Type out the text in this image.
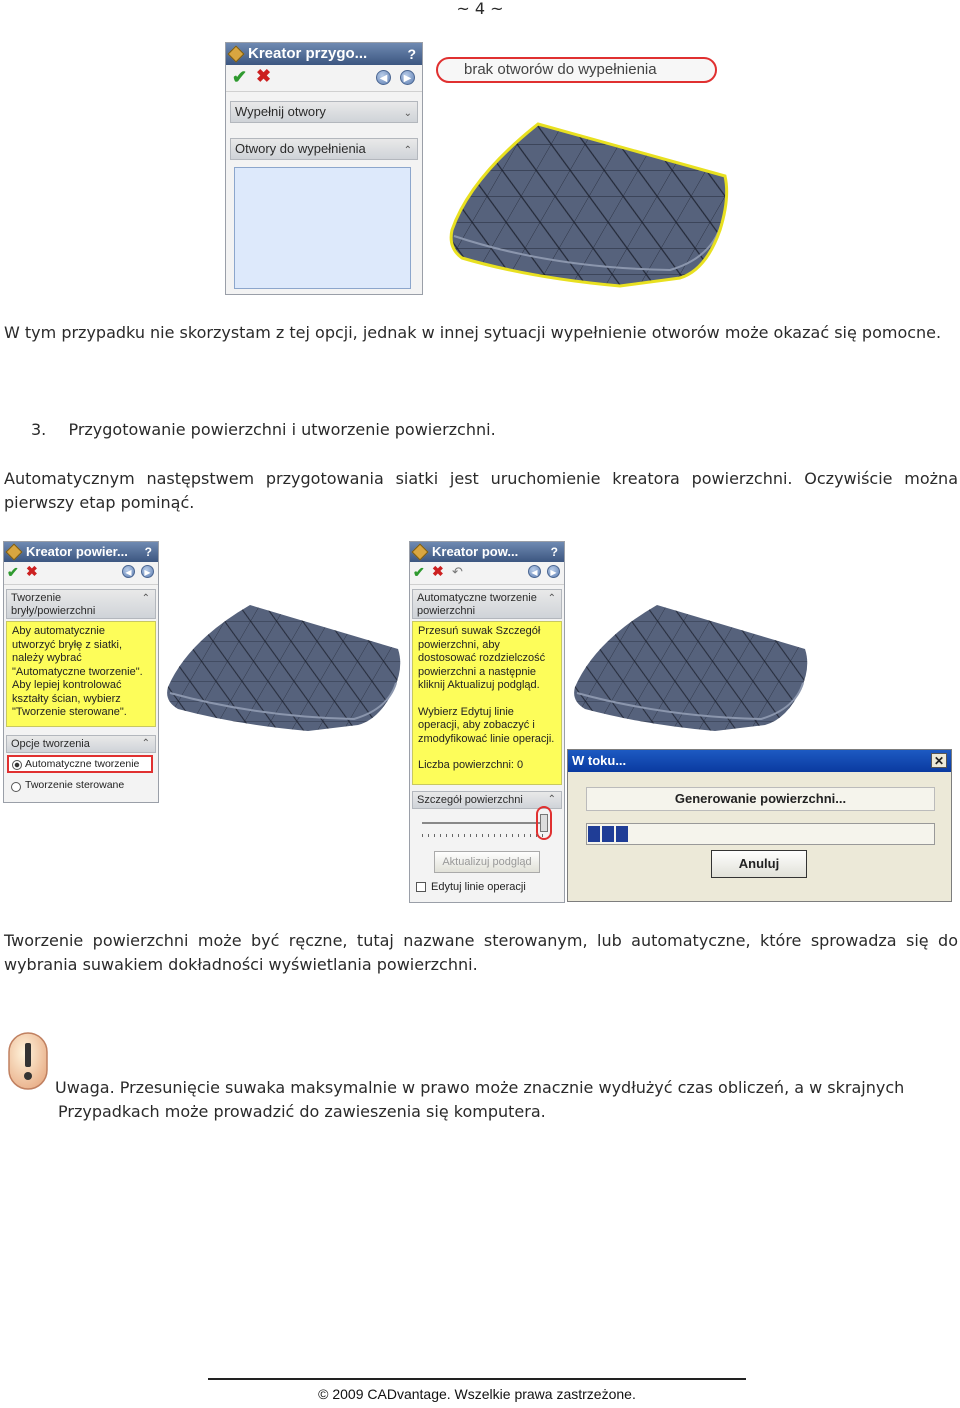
~ 4 ~
Kreator przygo...	?
✔ ✖	◀	▶
Wypełnij otwory	⌄
Otwory do wypełnienia	⌃
brak otworów do wypełnienia
W tym przypadku nie skorzystam z tej opcji, jednak w innej sytuacji wypełnienie otworów może okazać się pomocne.
3. Przygotowanie powierzchni i utworzenie powierzchni.
Automatycznym następstwem przygotowania siatki jest uruchomienie kreatora powierzchni. Oczywiście można pierwszy etap pominąć.
Kreator powier... ?
✔ ✖	◀	▶
Tworzenie bryły/powierzchni
⌃
Aby automatycznie
utworzyć bryłę z siatki,
należy wybrać
"Automatyczne tworzenie".
Aby lepiej kontrolować
kształty ścian, wybierz
"Tworzenie sterowane".
Opcje tworzenia	⌃
Automatyczne tworzenie
Tworzenie sterowane
Kreator pow...	?
✔ ✖ ↶	◀	▶
Automatyczne tworzenie powierzchni
⌃
Przesuń suwak Szczegół
powierzchni, aby
dostosować rozdzielczość
powierzchni a następnie
kliknij Aktualizuj podgląd.
Wybierz Edytuj linie
operacji, aby zobaczyć i
zmodyfikować linie operacji.
Liczba powierzchni: 0
Szczegół powierzchni ⌃
Aktualizuj podgląd
Edytuj linie operacji
W toku...	✕
Generowanie powierzchni...
Anuluj
Tworzenie powierzchni może być ręczne, tutaj nazwane sterowanym, lub automatyczne, które sprowadza się do wybrania suwakiem dokładności wyświetlania powierzchni.
Uwaga. Przesunięcie suwaka maksymalnie w prawo może znacznie wydłużyć czas obliczeń, a w skrajnych
Przypadkach może prowadzić do zawieszenia się komputera.
© 2009 CADvantage. Wszelkie prawa zastrzeżone.
